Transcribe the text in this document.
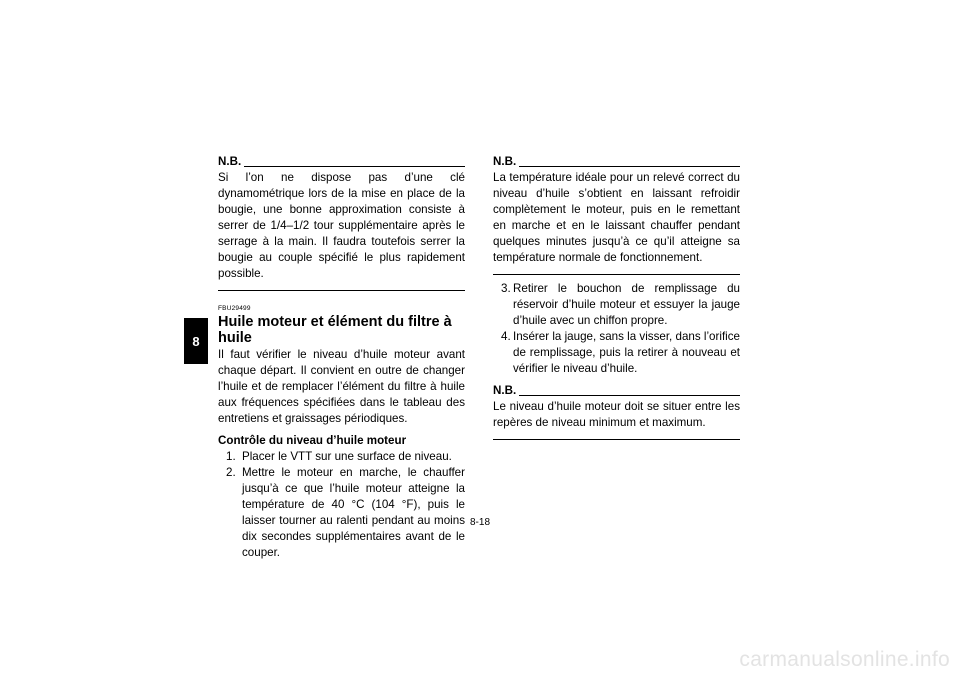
8
N.B.

Si l’on ne dispose pas d’une clé dynamométrique lors de la mise en place de la bougie, une bonne approximation consiste à serrer de 1/4–1/2 tour supplémentaire après le serrage à la main. Il faudra toutefois serrer la bougie au couple spécifié le plus rapidement possible.

FBU29499
Huile moteur et élément du filtre à huile

Il faut vérifier le niveau d’huile moteur avant chaque départ. Il convient en outre de changer l’huile et de remplacer l’élément du filtre à huile aux fréquences spécifiées dans le tableau des entretiens et graissages périodiques.

Contrôle du niveau d’huile moteur
1. Placer le VTT sur une surface de niveau.
2. Mettre le moteur en marche, le chauffer jusqu’à ce que l’huile moteur atteigne la température de 40 °C (104 °F), puis le laisser tourner au ralenti pendant au moins dix secondes supplémentaires avant de le couper.
N.B.

La température idéale pour un relevé correct du niveau d’huile s’obtient en laissant refroidir complètement le moteur, puis en le remettant en marche et en le laissant chauffer pendant quelques minutes jusqu’à ce qu’il atteigne sa température normale de fonctionnement.

3. Retirer le bouchon de remplissage du réservoir d’huile moteur et essuyer la jauge d’huile avec un chiffon propre.
4. Insérer la jauge, sans la visser, dans l’orifice de remplissage, puis la retirer à nouveau et vérifier le niveau d’huile.
N.B.

Le niveau d’huile moteur doit se situer entre les repères de niveau minimum et maximum.

8-18
carmanualsonline.info
